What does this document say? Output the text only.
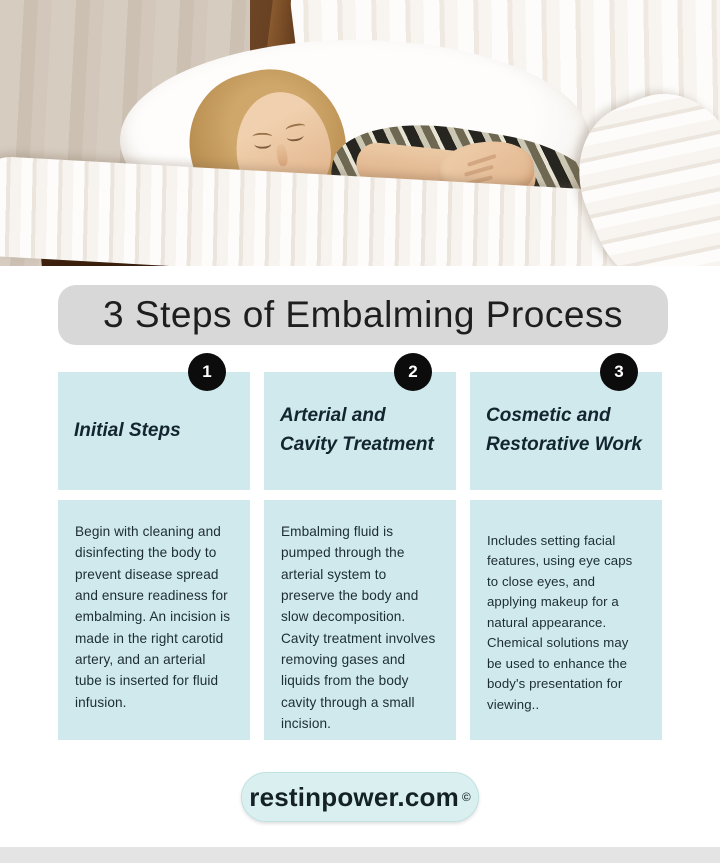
3 Steps of Embalming Process
1
Initial Steps
Begin with cleaning and disinfecting the body to prevent disease spread and ensure readiness for embalming. An incision is made in the right carotid artery, and an arterial tube is inserted for fluid infusion.
2
Arterial and Cavity Treatment
Embalming fluid is pumped through the arterial system to preserve the body and slow decomposition. Cavity treatment involves removing gases and liquids from the body cavity through a small incision.
3
Cosmetic and Restorative Work
Includes setting facial features, using eye caps to close eyes, and applying makeup for a natural appearance. Chemical solutions may be used to enhance the body's presentation for viewing..
restinpower.com ©
